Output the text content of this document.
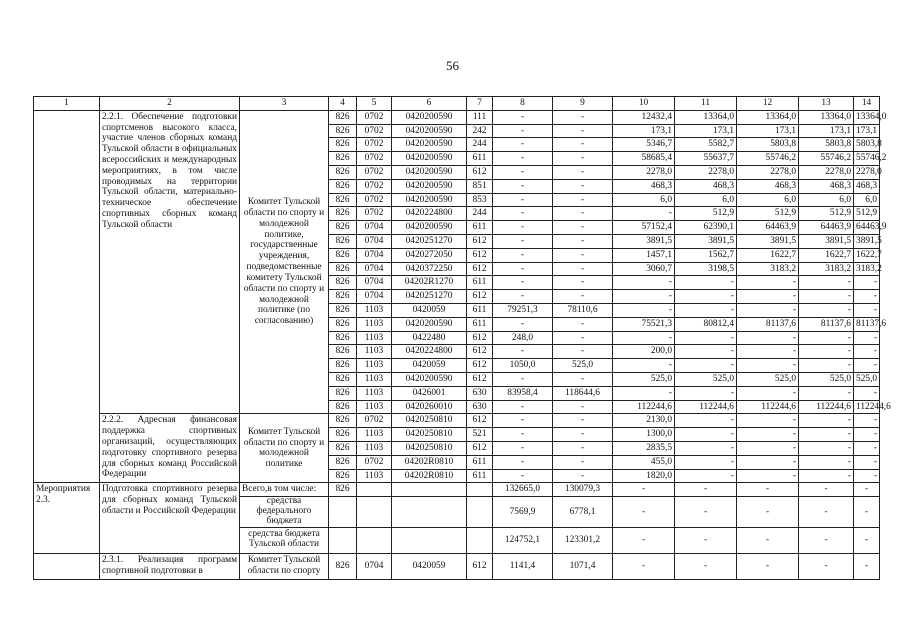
56
1	2	3	4	5	6	7	8	9	10	11	12	13	14
	2.2.1. Обеспечение подготовки спортсменов высокого класса, участие членов сборных команд Тульской области в официальных всероссийских и международных мероприятиях, в том числе проводимых на территории Тульской области, материально-техническое обеспечение спортивных сборных команд Тульской области	Комитет Тульской области по спорту и молодежной политике, государственные учреждения, подведомственные комитету Тульской области по спорту и молодежной политике (по согласованию)	826	0702	0420200590	111	-	-	12432,4	13364,0	13364,0	13364,0	13364,0
			826	0702	0420200590	242	-	-	173,1	173,1	173,1	173,1	173,1
			826	0702	0420200590	244	-	-	5346,7	5582,7	5803,8	5803,8	5803,8
			826	0702	0420200590	611	-	-	58685,4	55637,7	55746,2	55746,2	55746,2
			826	0702	0420200590	612	-	-	2278,0	2278,0	2278,0	2278,0	2278,0
			826	0702	0420200590	851	-	-	468,3	468,3	468,3	468,3	468,3
			826	0702	0420200590	853	-	-	6,0	6,0	6,0	6,0	6,0
			826	0702	0420224800	244	-	-	-	512,9	512,9	512,9	512,9
			826	0704	0420200590	611	-	-	57152,4	62390,1	64463,9	64463,9	64463,9
			826	0704	0420251270	612	-	-	3891,5	3891,5	3891,5	3891,5	3891,5
			826	0704	0420272050	612	-	-	1457,1	1562,7	1622,7	1622,7	1622,7
			826	0704	0420372250	612	-	-	3060,7	3198,5	3183,2	3183,2	3183,2
			826	0704	04202R1270	611	-	-	-	-	-	-	-
			826	0704	0420251270	612	-	-	-	-	-	-	-
			826	1103	0420059	611	79251,3	78110,6	-	-	-	-	-
			826	1103	0420200590	611	-	-	75521,3	80812,4	81137,6	81137,6	81137,6
			826	1103	0422480	612	248,0	-	-	-	-	-	-
			826	1103	0420224800	612	-	-	200,0	-	-	-	-
			826	1103	0420059	612	1050,0	525,0	-	-	-	-	-
			826	1103	0420200590	612	-	-	525,0	525,0	525,0	525,0	525,0
			826	1103	0426001	630	83958,4	118644,6	-	-	-	-	-
			826	1103	0420260010	630	-	-	112244,6	112244,6	112244,6	112244,6	112244,6
	2.2.2. Адресная финансовая поддержка спортивных организаций, осуществляющих подготовку спортивного резерва для сборных команд Российской Федерации	Комитет Тульской области по спорту и молодежной политике	826	0702	0420250810	612	-	-	2130,0	-	-	-	-
			826	1103	0420250810	521	-	-	1300,0	-	-	-	-
			826	1103	0420250810	612	-	-	2835,5	-	-	-	-
			826	0702	04202R0810	611	-	-	455,0	-	-	-	-
			826	1103	04202R0810	611	-	-	1820,0	-	-	-	-
Мероприятия 2.3.	Подготовка спортивного резерва для сборных команд Тульской области и Российской Федерации	Всего,в том числе:	826				132665,0	130079,3	-	-	-	-	-
		средства федерального бюджета					7569,9	6778,1	-	-	-	-	-
		средства бюджета Тульской области					124752,1	123301,2	-	-	-	-	-
	2.3.1. Реализация программ спортивной подготовки в	Комитет Тульской области по спорту	826	0704	0420059	612	1141,4	1071,4	-	-	-	-	-
